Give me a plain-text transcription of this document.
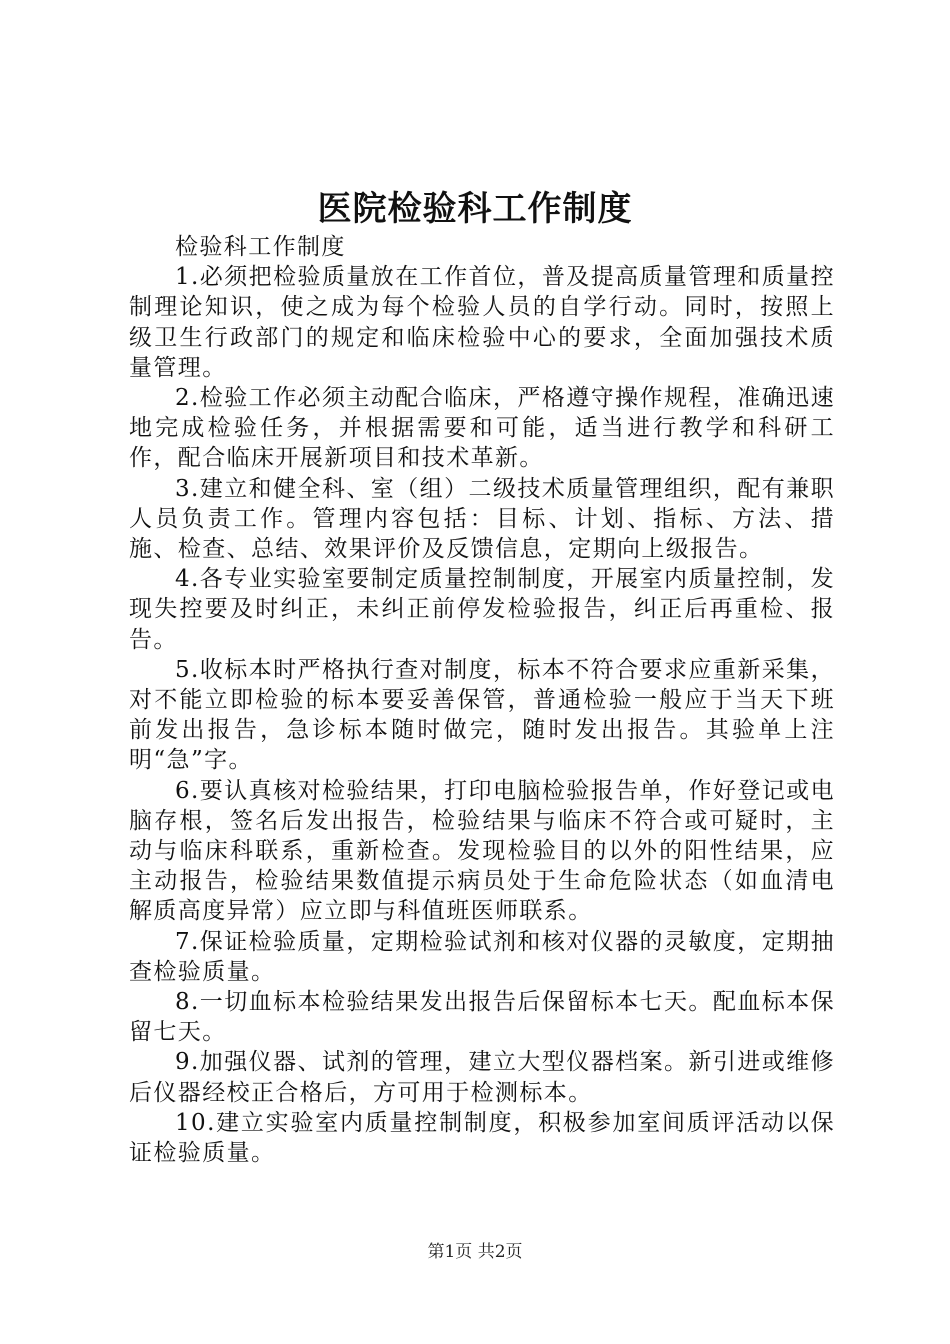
医院检验科工作制度

检验科工作制度

1.必须把检验质量放在工作首位，普及提高质量管理和质量控制理论知识，使之成为每个检验人员的自学行动。同时，按照上级卫生行政部门的规定和临床检验中心的要求，全面加强技术质量管理。

2.检验工作必须主动配合临床，严格遵守操作规程，准确迅速地完成检验任务，并根据需要和可能，适当进行教学和科研工作，配合临床开展新项目和技术革新。

3.建立和健全科、室（组）二级技术质量管理组织，配有兼职人员负责工作。管理内容包括：目标、计划、指标、方法、措施、检查、总结、效果评价及反馈信息，定期向上级报告。

4.各专业实验室要制定质量控制制度，开展室内质量控制，发现失控要及时纠正，未纠正前停发检验报告，纠正后再重检、报告。

5.收标本时严格执行查对制度，标本不符合要求应重新采集，对不能立即检验的标本要妥善保管，普通检验一般应于当天下班前发出报告，急诊标本随时做完，随时发出报告。其验单上注明“急”字。

6.要认真核对检验结果，打印电脑检验报告单，作好登记或电脑存根，签名后发出报告，检验结果与临床不符合或可疑时，主动与临床科联系，重新检查。发现检验目的以外的阳性结果，应主动报告，检验结果数值提示病员处于生命危险状态（如血清电解质高度异常）应立即与科值班医师联系。

7.保证检验质量，定期检验试剂和核对仪器的灵敏度，定期抽查检验质量。

8.一切血标本检验结果发出报告后保留标本七天。配血标本保留七天。

9.加强仪器、试剂的管理，建立大型仪器档案。新引进或维修后仪器经校正合格后，方可用于检测标本。

10.建立实验室内质量控制制度，积极参加室间质评活动以保证检验质量。

第1页 共2页
